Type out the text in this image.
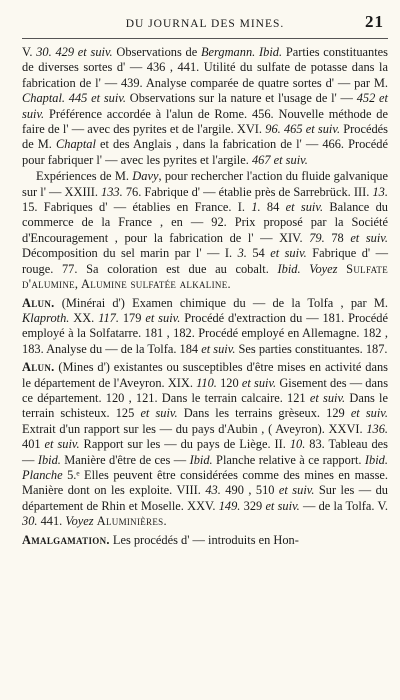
DU JOURNAL DES MINES.	21

V. 30. 429 et suiv. Observations de Bergmann. Ibid. Parties constituantes de diverses sortes d' — 436 , 441. Utilité du sulfate de potasse dans la fabrication de l' — 439. Analyse comparée de quatre sortes d' — par M. Chaptal. 445 et suiv. Observations sur la nature et l'usage de l' — 452 et suiv. Préférence accordée à l'alun de Rome. 456. Nouvelle méthode de faire de l' — avec des pyrites et de l'argile. XVI. 96. 465 et suiv. Procédés de M. Chaptal et des Anglais , dans la fabrication de l' — 466. Procédé pour fabriquer l' — avec les pyrites et l'argile. 467 et suiv.

Expériences de M. Davy, pour rechercher l'action du fluide galvanique sur l' — XXIII. 133. 76. Fabrique d' — établie près de Sarrebrück. III. 13. 15. Fabriques d' — établies en France. I. 1. 84 et suiv. Balance du commerce de la France , en — 92. Prix proposé par la Société d'Encouragement , pour la fabrication de l' — XIV. 79. 78 et suiv. Décomposition du sel marin par l' — I. 3. 54 et suiv. Fabrique d' — rouge. 77. Sa coloration est due au cobalt. Ibid. Voyez Sulfate d'alumine, Alumine sulfatée alkaline.

Alun. (Minérai d') Examen chimique du — de la Tolfa , par M. Klaproth. XX. 117. 179 et suiv. Procédé d'extraction du — 181. Procédé employé à la Solfatarre. 181 , 182. Procédé employé en Allemagne. 182 , 183. Analyse du — de la Tolfa. 184 et suiv. Ses parties constituantes. 187.

Alun. (Mines d') existantes ou susceptibles d'être mises en activité dans le département de l'Aveyron. XIX. 110. 120 et suiv. Gisement des — dans ce département. 120 , 121. Dans le terrain calcaire. 121 et suiv. Dans le terrain schisteux. 125 et suiv. Dans les terrains grèseux. 129 et suiv. Extrait d'un rapport sur les — du pays d'Aubin , ( Aveyron). XXVI. 136. 401 et suiv. Rapport sur les — du pays de Liège. II. 10. 83. Tableau des — Ibid. Manière d'être de ces — Ibid. Planche relative à ce rapport. Ibid. Planche 5.ᵉ Elles peuvent être considérées comme des mines en masse. Manière dont on les exploite. VIII. 43. 490 , 510 et suiv. Sur les — du département de Rhin et Moselle. XXV. 149. 329 et suiv. — de la Tolfa. V. 30. 441. Voyez Aluminières.

Amalgamation. Les procédés d' — introduits en Hon-
